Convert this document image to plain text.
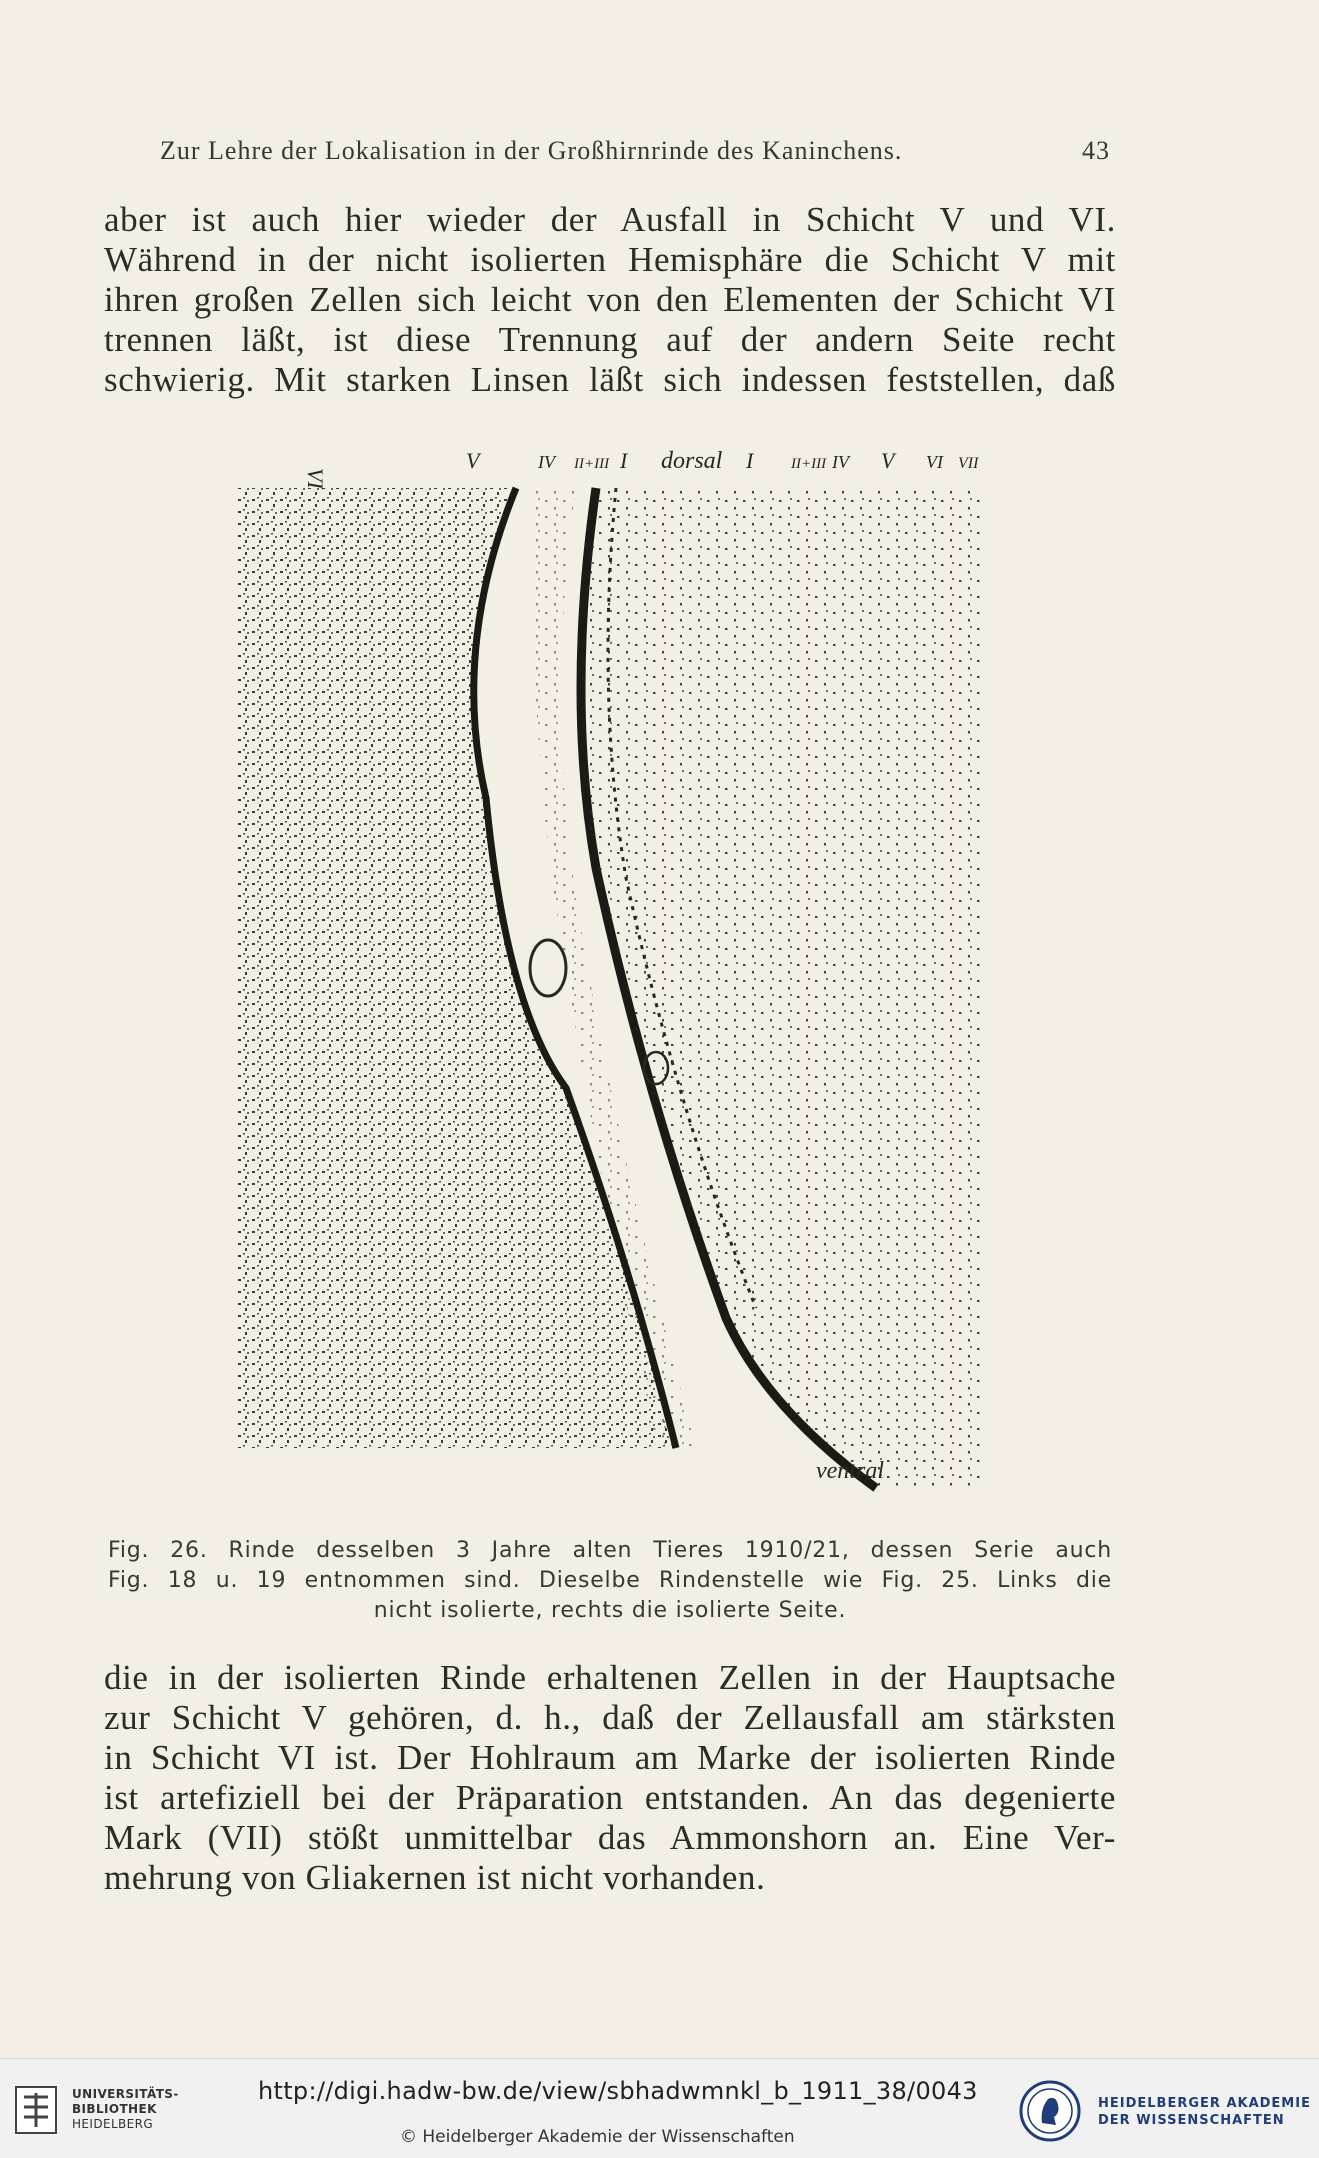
Zur Lehre der Lokalisation in der Großhirnrinde des Kaninchens.	43
aber ist auch hier wieder der Ausfall in Schicht V und VI.
Während in der nicht isolierten Hemisphäre die Schicht V mit
ihren großen Zellen sich leicht von den Elementen der Schicht VI
trennen läßt, ist diese Trennung auf der andern Seite recht
schwierig. Mit starken Linsen läßt sich indessen feststellen, daß
VI
V	IV II+III I dorsal I	II+III IV V VI VII
ventral
Fig. 26. Rinde desselben 3 Jahre alten Tieres 1910/21, dessen Serie auch
Fig. 18 u. 19 entnommen sind. Dieselbe Rindenstelle wie Fig. 25. Links die
nicht isolierte, rechts die isolierte Seite.
die in der isolierten Rinde erhaltenen Zellen in der Hauptsache
zur Schicht V gehören, d. h., daß der Zellausfall am stärksten
in Schicht VI ist. Der Hohlraum am Marke der isolierten Rinde
ist artefiziell bei der Präparation entstanden. An das degenierte
Mark (VII) stößt unmittelbar das Ammonshorn an. Eine Ver-
mehrung von Gliakernen ist nicht vorhanden.
UNIVERSITÄTS-
BIBLIOTHEK
HEIDELBERG
http://digi.hadw-bw.de/view/sbhadwmnkl_b_1911_38/0043
© Heidelberger Akademie der Wissenschaften
HEIDELBERGER AKADEMIE
DER WISSENSCHAFTEN
